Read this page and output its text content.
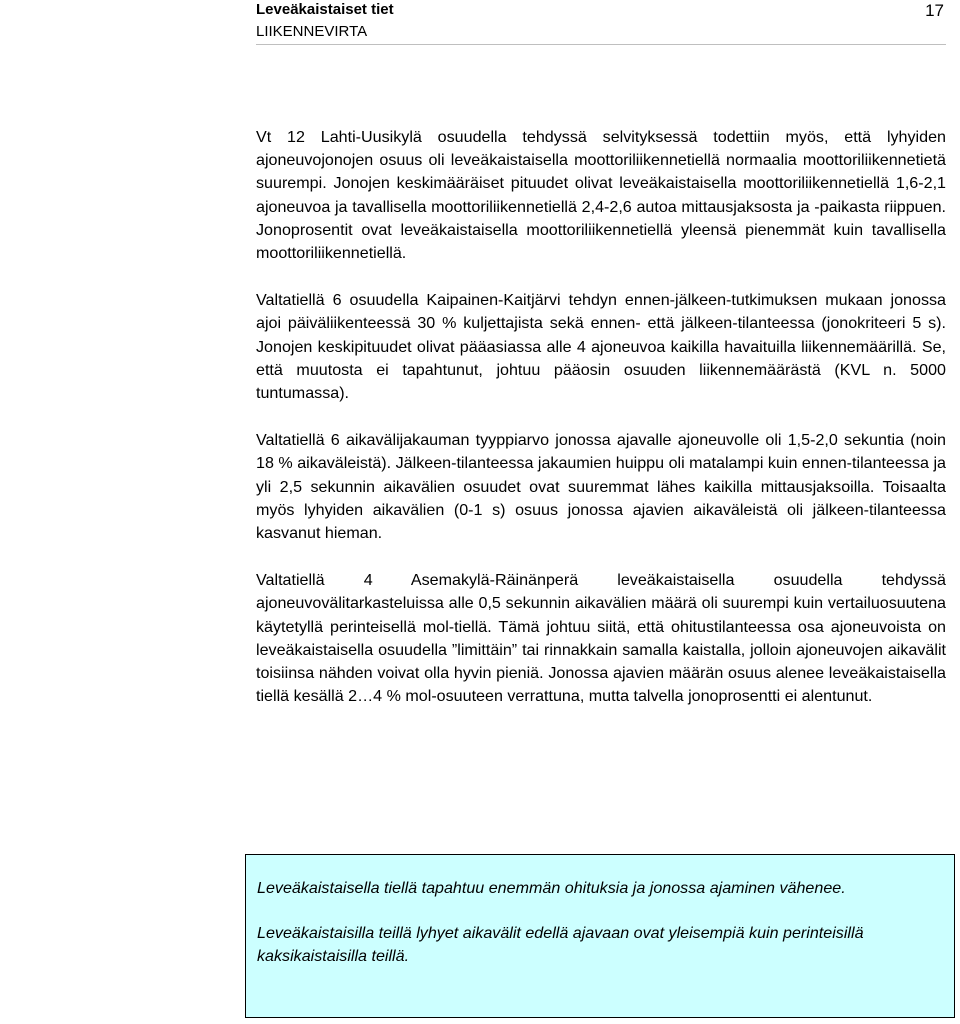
Leveäkaistaiset tiet
LIIKENNEVIRTA
17

Vt 12 Lahti-Uusikylä osuudella tehdyssä selvityksessä todettiin myös, että lyhyiden ajoneuvojonojen osuus oli leveäkaistaisella moottoriliikennetiellä normaalia moottoriliikennetietä suurempi. Jonojen keskimääräiset pituudet olivat leveäkaistaisella moottoriliikennetiellä 1,6-2,1 ajoneuvoa ja tavallisella moottoriliikennetiellä 2,4-2,6 autoa mittausjaksosta ja -paikasta riippuen. Jonoprosentit ovat leveäkaistaisella moottoriliikennetiellä yleensä pienemmät kuin tavallisella moottoriliikennetiellä.

Valtatiellä 6 osuudella Kaipainen-Kaitjärvi tehdyn ennen-jälkeen-tutkimuksen mukaan jonossa ajoi päiväliikenteessä 30 % kuljettajista sekä ennen- että jälkeen-tilanteessa (jonokriteeri 5 s). Jonojen keskipituudet olivat pääasiassa alle 4 ajoneuvoa kaikilla havaituilla liikennemäärillä. Se, että muutosta ei tapahtunut, johtuu pääosin osuuden liikennemäärästä (KVL n. 5000 tuntumassa).

Valtatiellä 6 aikavälijakauman tyyppiarvo jonossa ajavalle ajoneuvolle oli 1,5-2,0 sekuntia (noin 18 % aikaväleistä). Jälkeen-tilanteessa jakaumien huippu oli matalampi kuin ennen-tilanteessa ja yli 2,5 sekunnin aikavälien osuudet ovat suuremmat lähes kaikilla mittausjaksoilla. Toisaalta myös lyhyiden aikavälien (0-1 s) osuus jonossa ajavien aikaväleistä oli jälkeen-tilanteessa kasvanut hieman.

Valtatiellä 4 Asemakylä-Räinänperä leveäkaistaisella osuudella tehdyssä ajoneuvovälitarkasteluissa alle 0,5 sekunnin aikavälien määrä oli suurempi kuin vertailuosuutena käytetyllä perinteisellä mol-tiellä. Tämä johtuu siitä, että ohitustilanteessa osa ajoneuvoista on leveäkaistaisella osuudella ”limittäin” tai rinnakkain samalla kaistalla, jolloin ajoneuvojen aikavälit toisiinsa nähden voivat olla hyvin pieniä. Jonossa ajavien määrän osuus alenee leveäkaistaisella tiellä kesällä 2…4 % mol-osuuteen verrattuna, mutta talvella jonoprosentti ei alentunut.

Leveäkaistaisella tiellä tapahtuu enemmän ohituksia ja jonossa ajaminen vähenee.

Leveäkaistaisilla teillä lyhyet aikavälit edellä ajavaan ovat yleisempiä kuin perinteisillä kaksikaistaisilla teillä.
